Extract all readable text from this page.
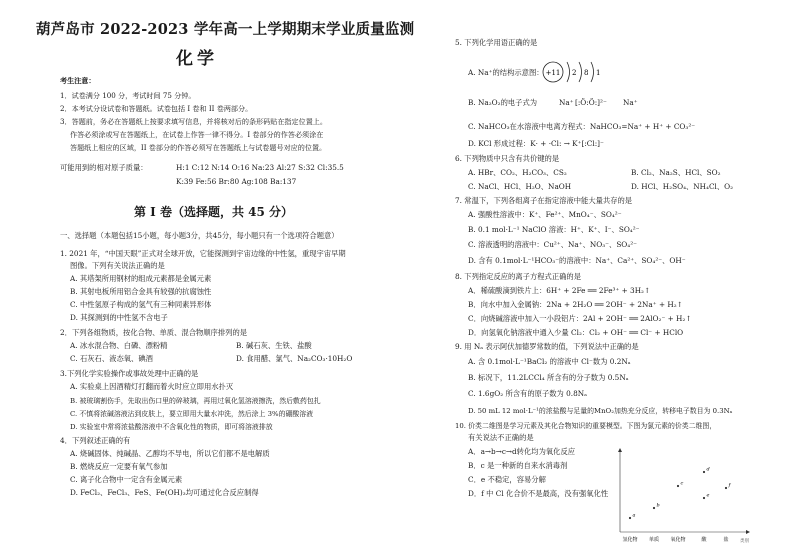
葫芦岛市 2022-2023 学年高一上学期期末学业质量监测
化学
考生注意：
1．试卷满分 100 分，考试时间 75 分钟。
2．本考试分设试卷和答题纸。试卷包括 I 卷和 II 卷两部分。
3．答题前，务必在答题纸上按要求填写信息，并将核对后的条形码贴在指定位置上。
作答必须涂或写在答题纸上，在试卷上作答一律不得分。I 卷部分的作答必须涂在
答题纸上相应的区域，II 卷部分的作答必须写在答题纸上与试卷题号对应的位置。
可能用到的相对原子质量：	H:1 C:12 N:14 O:16 Na:23 Al:27 S:32 Cl:35.5
K:39 Fe:56 Br:80 Ag:108 Ba:137
第 I 卷（选择题，共 45 分）
一、选择题（本题包括15小题，每小题3分，共45分，每小题只有一个选项符合题意）
1. 2021 年，“中国天眼”正式对全球开放，它能探测到宇宙边缘的中性氢，重现宇宙早期
图像。下列有关说法正确的是
A. 其塔架所用钢材的组成元素都是金属元素
B. 其射电板所用铝合金具有较强的抗腐蚀性
C. 中性氢原子构成的氢气有三种同素异形体
D. 其探测到的中性氢不含电子
2．下列各组物质，按化合物、单质、混合物顺序排列的是
A. 冰水混合物、白磷、漂粉精	B. 碱石灰、生铁、盐酸
C. 石灰石、液态氧、碘酒	D. 食用醋、氯气、Na₂CO₃·10H₂O
3.下列化学实验操作或事故处理中正确的是
A. 实验桌上因酒精灯打翻而着火时应立即用水扑灭
B. 被玻璃割伤手，先取出伤口里的碎玻璃，再用过氧化氢溶液擦洗，然后敷药包扎
C. 不慎将浓碱溶液沾到皮肤上，要立即用大量水冲洗，然后涂上 3%的硼酸溶液
D. 实验室中常将浓盐酸溶液中不含氧化性的物质，即可将溶液排放
4．下列叙述正确的有
A. 烧碱固体、纯碱晶、乙醇均不导电，所以它们都不是电解质
B. 燃烧反应一定要有氧气参加
C. 离子化合物中一定含有金属元素
D. FeCl₂、FeCl₃、FeS、Fe(OH)₃均可通过化合反应制得
5. 下列化学用语正确的是
A. Na⁺的结构示意图： +11 2 8 1
B. Na₂O₂的电子式为	Na⁺ [:Ö:Ö:]²⁻ Na⁺
C. NaHCO₃在水溶液中电离方程式：NaHCO₃=Na⁺ + H⁺ + CO₃²⁻
D. KCl 形成过程：K· + ·Cl: → K⁺[:Cl:]⁻
6. 下列物质中只含有共价键的是
A. HBr、CO₂、H₂CO₃、CS₂	B. Cl₂、Na₂S、HCl、SO₂
C. NaCl、HCl、H₂O、NaOH	D. HCl、H₂SO₄、NH₄Cl、O₂
7. 常温下，下列各组离子在指定溶液中能大量共存的是
A. 强酸性溶液中：K⁺、Fe²⁺、MnO₄⁻、SO₄²⁻
B. 0.1 mol·L⁻¹ NaClO 溶液：H⁺、K⁺、I⁻、SO₄²⁻
C. 溶液透明的溶液中：Cu²⁺、Na⁺、NO₃⁻、SO₄²⁻
D. 含有 0.1mol·L⁻¹HCO₃⁻的溶液中：Na⁺、Ca²⁺、SO₄²⁻、OH⁻
8. 下列指定反应的离子方程式正确的是
A．稀硫酸滴到铁片上：6H⁺ + 2Fe ══ 2Fe³⁺ + 3H₂↑
B．向水中加入金属钠：2Na + 2H₂O ══ 2OH⁻ + 2Na⁺ + H₂↑
C．向烧碱溶液中加入一小段铝片：2Al + 2OH⁻ ══ 2AlO₂⁻ + H₂↑
D．向氢氧化钠溶液中通入少量 Cl₂：Cl₂ + OH⁻ ══ Cl⁻ + HClO
9. 用 Nₐ 表示阿伏加德罗常数的值，下列说法中正确的是
A. 含 0.1mol·L⁻¹BaCl₂ 的溶液中 Cl⁻数为 0.2Nₐ
B. 标况下，11.2LCCl₄ 所含有的分子数为 0.5Nₐ
C. 1.6gO₂ 所含有的原子数为 0.8Nₐ
D. 50 mL 12 mol·L⁻¹的浓盐酸与足量的MnO₂加热充分反应，转移电子数目为 0.3Nₐ
10. 价类二维图是学习元素及其化合物知识的重要模型。下图为氯元素的价类二维图，
有关说法不正确的是
A．a→b→c→d转化均为氧化反应
B．c 是一种新的自来水消毒剂
C．e 不稳定，容易分解
D．f 中 Cl 化合价不是最高，没有强氧化性
氢化物 单质 氧化物	酸	盐
a
b
c
d
e
f
类别
